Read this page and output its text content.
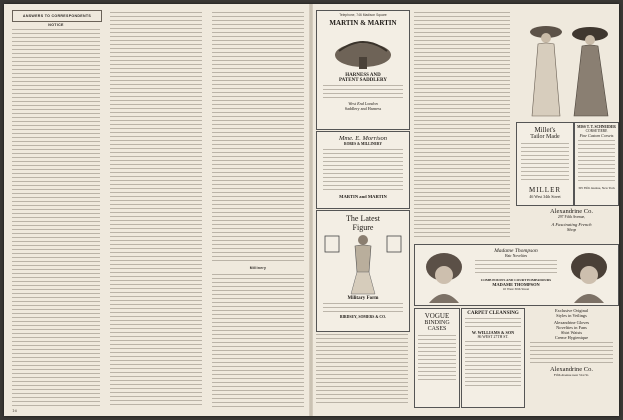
ANSWERS TO CORRESPONDENTS
NOTICE
Millinery
16
Telephone, 746 Madison Square
MARTIN & MARTIN
HARNESS AND
PATENT SADDLERY
West End London
Saddlery and Harness
Mme. E. Morrison
ROBES & MILLINERY
MARTIN and MARTIN
The Latest
Figure
Military Form
BIRDSEY, SOMERS & CO.
Millet's
Tailor Made
MILLER
46 West 34th Street
MISS T. T. SCHNEIDER
CORSETIERE
Fine Custom Corsets
305 Fifth Avenue, New York
Madame Thompson
Hair Novelties
COMB POUFFS AND COURT POMPADOURS
MADAME THOMPSON
10 West 30th Street
VOGUE
BINDING
CASES
CARPET CLEANSING
W. WILLIAMS & SON
86 WEST 27TH ST.
Alexandrine Co.
297 Fifth Avenue,
A Fascinating French
Shop
Exclusive Original
Styles in Veilings
Alexandrine Gloves
Novelties in Fans
Shirt Waists
Creme Hygienique
Alexandrine Co.
Fifth Avenue near 31st St.
